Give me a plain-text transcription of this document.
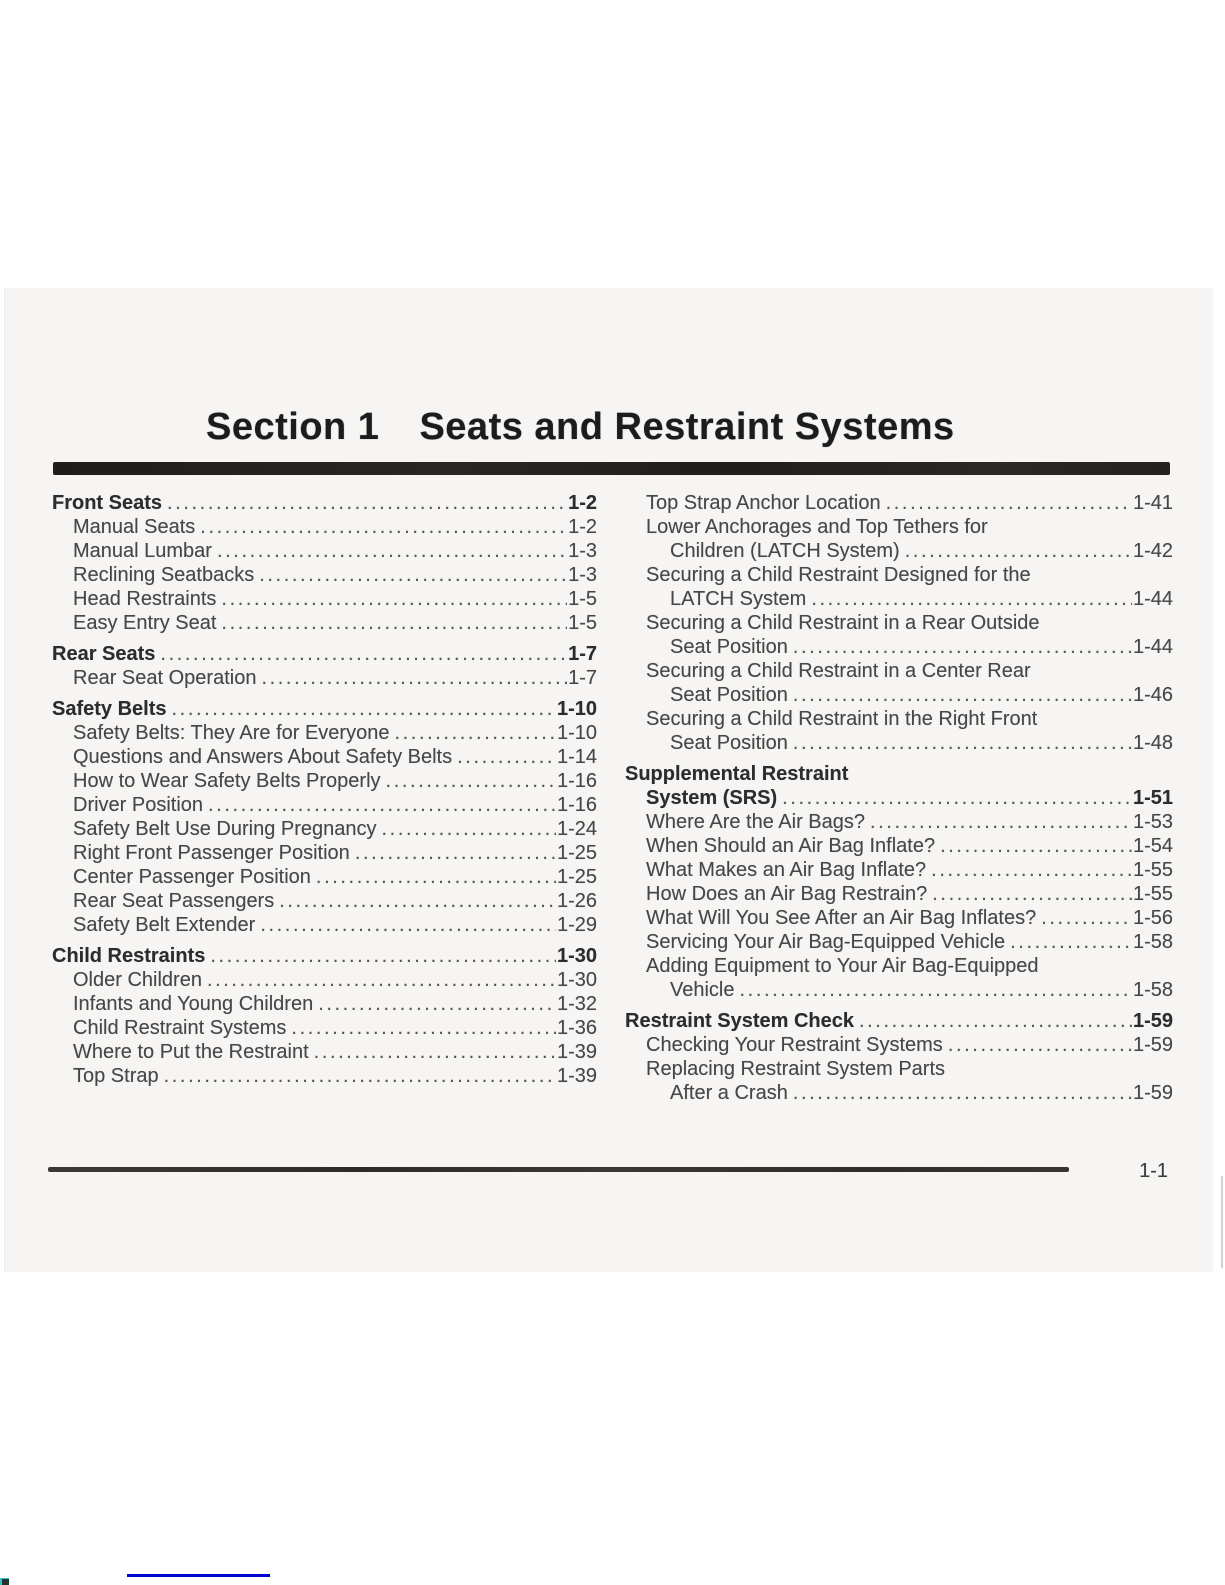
Section 1 Seats and Restraint Systems
Front Seats .....	1-2
Manual Seats .....	1-2
Manual Lumbar .....	1-3
Reclining Seatbacks .....	1-3
Head Restraints .....	1-5
Easy Entry Seat .....	1-5
Rear Seats .....	1-7
Rear Seat Operation .....	1-7
Safety Belts .....	1-10
Safety Belts: They Are for Everyone .....	1-10
Questions and Answers About Safety Belts .....	1-14
How to Wear Safety Belts Properly .....	1-16
Driver Position .....	1-16
Safety Belt Use During Pregnancy .....	1-24
Right Front Passenger Position .....	1-25
Center Passenger Position .....	1-25
Rear Seat Passengers .....	1-26
Safety Belt Extender .....	1-29
Child Restraints .....	1-30
Older Children .....	1-30
Infants and Young Children .....	1-32
Child Restraint Systems .....	1-36
Where to Put the Restraint .....	1-39
Top Strap .....	1-39
Top Strap Anchor Location .....	1-41
Lower Anchorages and Top Tethers for
Children (LATCH System) .....	1-42
Securing a Child Restraint Designed for the
LATCH System .....	1-44
Securing a Child Restraint in a Rear Outside
Seat Position .....	1-44
Securing a Child Restraint in a Center Rear
Seat Position .....	1-46
Securing a Child Restraint in the Right Front
Seat Position .....	1-48
Supplemental Restraint
System (SRS) .....	1-51
Where Are the Air Bags? .....	1-53
When Should an Air Bag Inflate? .....	1-54
What Makes an Air Bag Inflate? .....	1-55
How Does an Air Bag Restrain? .....	1-55
What Will You See After an Air Bag Inflates? .....	1-56
Servicing Your Air Bag-Equipped Vehicle .....	1-58
Adding Equipment to Your Air Bag-Equipped
Vehicle .....	1-58
Restraint System Check .....	1-59
Checking Your Restraint Systems .....	1-59
Replacing Restraint System Parts
After a Crash .....	1-59
1-1
